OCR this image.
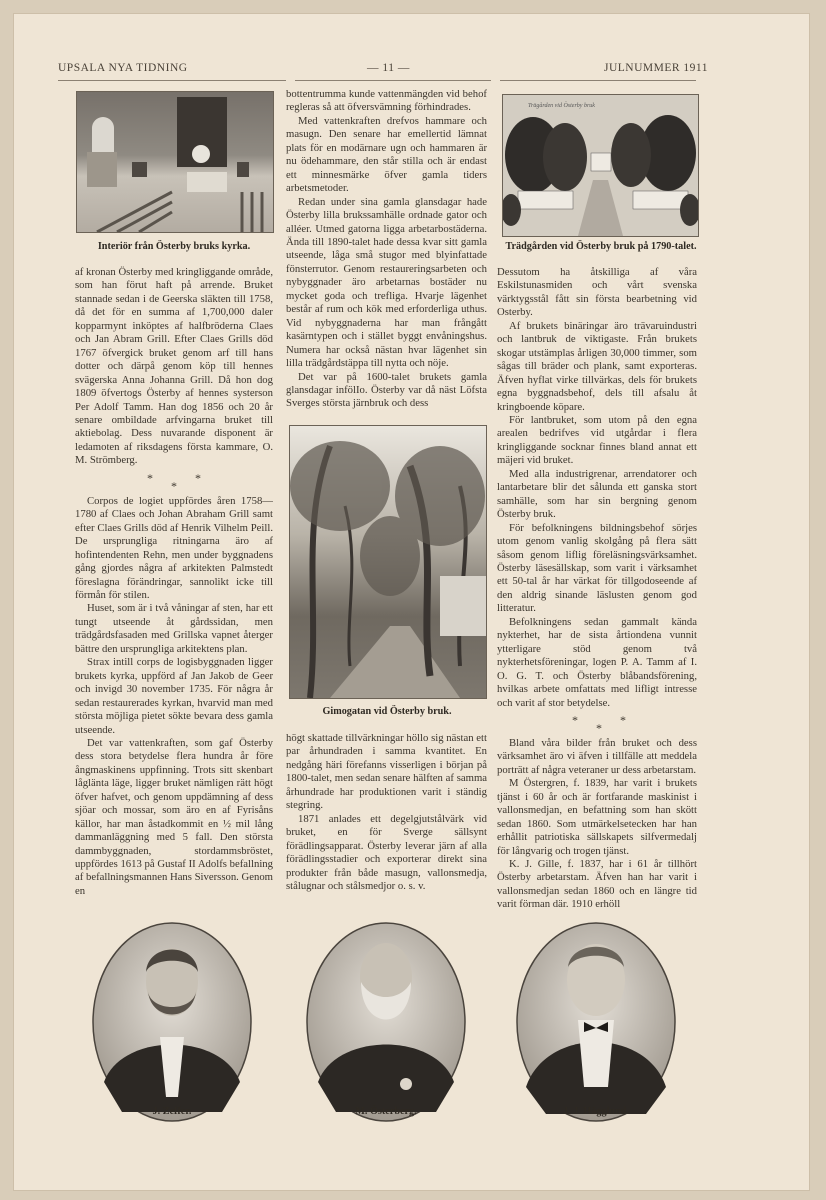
UPSALA NYA TIDNING	— 11 —	JULNUMMER 1911
Interiör från Österby bruks kyrka.
Trägården vid Österby bruk
Trädgården vid Österby bruk på 1790-talet.
Gimogatan vid Österby bruk.

af kronan Österby med kringliggande område, som han förut haft på arrende. Bruket stannade sedan i de Geerska släkten till 1758, då det för en summa af 1,700,000 daler kopparmynt inköptes af halfbröderna Claes och Jan Abram Grill. Efter Claes Grills död 1767 öfvergick bruket genom arf till hans dotter och därpå genom köp till hennes svägerska Anna Johanna Grill. Då hon dog 1809 öfvertogs Österby af hennes systerson Per Adolf Tamm. Han dog 1856 och 20 år senare ombildade arfvingarna bruket till aktiebolag. Dess nuvarande disponent är ledamoten af riksdagens första kammare, O. M. Strömberg.

*
*
*

Corpos de logiet uppfördes åren 1758—1780 af Claes och Johan Abraham Grill samt efter Claes Grills död af Henrik Vilhelm Peill. De ursprungliga ritningarna äro af hofintendenten Rehn, men under byggnadens gång gjordes några af arkitekten Palmstedt föreslagna förändringar, sannolikt icke till förmån för stilen.

Huset, som är i två våningar af sten, har ett tungt utseende åt gårdssidan, men trädgårdsfasaden med Grillska vapnet återger bättre den ursprungliga arkitektens plan.

Strax intill corps de logisbyggnaden ligger brukets kyrka, uppförd af Jan Jakob de Geer och invigd 30 november 1735. För några år sedan restaurerades kyrkan, hvarvid man med största möjliga pietet sökte bevara dess gamla utseende.

Det var vattenkraften, som gaf Österby dess stora betydelse flera hundra år före ångmaskinens uppfinning. Trots sitt skenbart låglänta läge, ligger bruket nämligen rätt högt öfver hafvet, och genom uppdämning af dess sjöar och mossar, som äro en af Fyrisåns källor, har man åstadkommit en ½ mil lång dammanläggning med 5 fall. Den största dammbyggnaden, stordammsbröstet, uppfördes 1613 på Gustaf II Adolfs befallning af befallningsmannen Hans Siversson. Genom en

bottentrumma kunde vattenmängden vid behof regleras så att öfversvämning förhindrades.

Med vattenkraften drefvos hammare och masugn. Den senare har emellertid lämnat plats för en modärnare ugn och hammaren är nu ödehammare, den står stilla och är endast ett minnesmärke öfver gamla tiders arbetsmetoder.

Redan under sina gamla glansdagar hade Österby lilla brukssamhälle ordnade gator och alléer. Utmed gatorna ligga arbetarbostäderna. Ända till 1890-talet hade dessa kvar sitt gamla utseende, låga små stugor med blyinfattade fönsterrutor. Genom restaureringsarbeten och nybyggnader äro arbetarnas bostäder nu mycket goda och trefliga. Hvarje lägenhet består af rum och kök med erforderliga uthus. Vid nybyggnaderna har man frångått kasärntypen och i stället byggt envåningshus. Numera har också nästan hvar lägenhet sin lilla trädgårdstäppa till nytta och nöje.

Det var på 1600-talet brukets gamla glansdagar infölIo. Österby var då näst Löfsta Sverges största järnbruk och dess

högt skattade tillvärkningar höllo sig nästan ett par århundraden i samma kvantitet. En nedgång häri förefanns visserligen i början på 1800-talet, men sedan senare hälften af samma århundrade har produktionen varit i ständig stegring.

1871 anlades ett degelgjutstålvärk vid bruket, en för Sverge sällsynt förädlingsapparat. Österby leverar järn af alla förädlingsstadier och exporterar direkt sina produkter från både masugn, vallonsmedja, stålugnar och stålsmedjor o. s. v.

Dessutom ha åtskilliga af våra Eskilstunasmiden och vårt svenska värktygsstål fått sin första bearbetning vid Osterby.

Af brukets binäringar äro trävaruindustri och lantbruk de viktigaste. Från brukets skogar utstämplas årligen 30,000 timmer, som sågas till bräder och plank, samt exporteras. Äfven hyflat virke tillvärkas, dels för brukets egna byggnadsbehof, dels till afsalu åt kringboende köpare.

För lantbruket, som utom på den egna arealen bedrifves vid utgårdar i flera kringliggande socknar finnes bland annat ett mäjeri vid bruket.

Med alla industrigrenar, arrendatorer och lantarbetare blir det sålunda ett ganska stort samhälle, som har sin bergning genom Österby bruk.

För befolkningens bildningsbehof sörjes utom genom vanlig skolgång på flera sätt såsom genom liflig föreläsningsvärksamhet. Österby läsesällskap, som varit i värksamhet ett 50-tal år har värkat för tillgodoseende af den aldrig sinande läslusten genom god litteratur.

Befolkningens sedan gammalt kända nykterhet, har de sista årtiondena vunnit ytterligare stöd genom två nykterhetsföreningar, logen P. A. Tamm af I. O. G. T. och Österby blåbandsförening, hvilkas arbete omfattats med lifligt intresse och varit af stor betydelse.

*
*
*

Bland våra bilder från bruket och dess värksamhet äro vi äfven i tillfälle att meddela porträtt af några veteraner ur dess arbetarstam.

M Östergren, f. 1839, har varit i brukets tjänst i 60 år och är fortfarande maskinist i vallonsmedjan, en befattning som han skött sedan 1860. Som utmärkelsetecken har han erhållit patriotiska sällskapets silfvermedalj för långvarig och trogen tjänst.

K. J. Gille, f. 1837, har i 61 år tillhört Österby arbetarstam. Äfven han har varit i vallonsmedjan sedan 1860 och en längre tid varit förman där. 1910 erhöll

J. Zeffer.	M. Österberg.	J. J. Hägglund.
